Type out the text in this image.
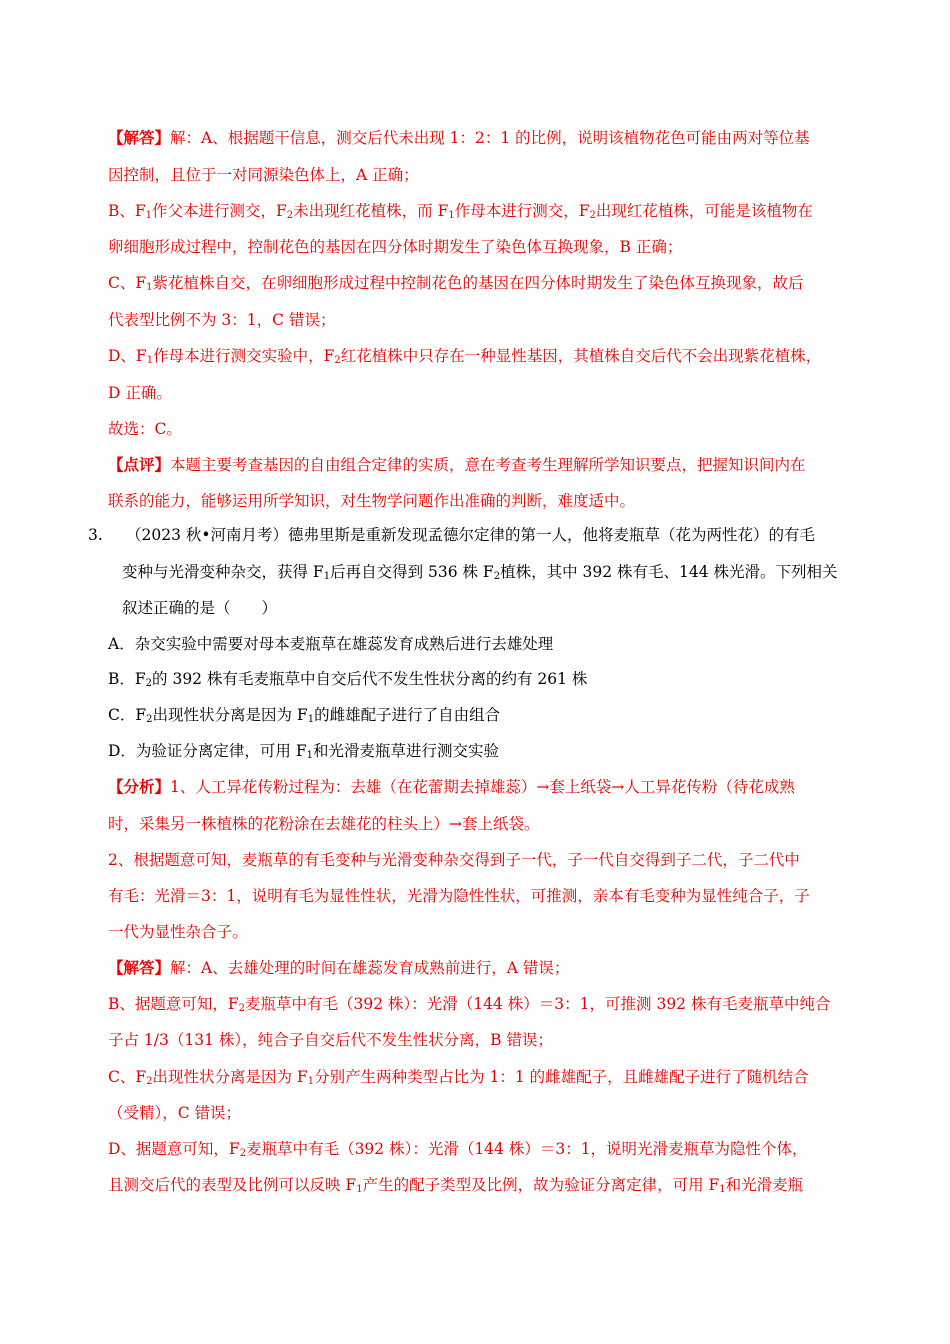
【解答】解：A、根据题干信息，测交后代未出现 1：2：1 的比例，说明该植物花色可能由两对等位基
因控制，且位于一对同源染色体上，A 正确；
B、$F_1$作父本进行测交，$F_2$未出现红花植株，而 $F_1$作母本进行测交，$F_2$出现红花植株，可能是该植物在
卵细胞形成过程中，控制花色的基因在四分体时期发生了染色体互换现象，B 正确；
C、$F_1$紫花植株自交，在卵细胞形成过程中控制花色的基因在四分体时期发生了染色体互换现象，故后
代表型比例不为 3：1，C 错误；
D、$F_1$作母本进行测交实验中，$F_2$红花植株中只存在一种显性基因，其植株自交后代不会出现紫花植株，
D 正确。
故选：C。
【点评】本题主要考查基因的自由组合定律的实质，意在考查考生理解所学知识要点，把握知识间内在
联系的能力，能够运用所学知识，对生物学问题作出准确的判断，难度适中。
3. （2023 秋•河南月考）德弗里斯是重新发现孟德尔定律的第一人，他将麦瓶草（花为两性花）的有毛
变种与光滑变种杂交，获得 $F_1$后再自交得到 536 株 $F_2$植株，其中 392 株有毛、144 株光滑。下列相关
叙述正确的是（　　）
A．杂交实验中需要对母本麦瓶草在雄蕊发育成熟后进行去雄处理
B．$F_2$的 392 株有毛麦瓶草中自交后代不发生性状分离的约有 261 株
C．$F_2$出现性状分离是因为 $F_1$的雌雄配子进行了自由组合
D．为验证分离定律，可用 $F_1$和光滑麦瓶草进行测交实验
【分析】1、人工异花传粉过程为：去雄（在花蕾期去掉雄蕊）→套上纸袋→人工异花传粉（待花成熟
时，采集另一株植株的花粉涂在去雄花的柱头上）→套上纸袋。
2、根据题意可知，麦瓶草的有毛变种与光滑变种杂交得到子一代，子一代自交得到子二代，子二代中
有毛：光滑＝3：1，说明有毛为显性性状，光滑为隐性性状，可推测，亲本有毛变种为显性纯合子，子
一代为显性杂合子。
【解答】解：A、去雄处理的时间在雄蕊发育成熟前进行，A 错误；
B、据题意可知，$F_2$麦瓶草中有毛（392 株）：光滑（144 株）＝3：1，可推测 392 株有毛麦瓶草中纯合
子占 1/3（131 株），纯合子自交后代不发生性状分离，B 错误；
C、$F_2$出现性状分离是因为 $F_1$分别产生两种类型占比为 1：1 的雌雄配子，且雌雄配子进行了随机结合
（受精），C 错误；
D、据题意可知，$F_2$麦瓶草中有毛（392 株）：光滑（144 株）＝3：1，说明光滑麦瓶草为隐性个体，
且测交后代的表型及比例可以反映 $F_1$产生的配子类型及比例，故为验证分离定律，可用 $F_1$和光滑麦瓶
